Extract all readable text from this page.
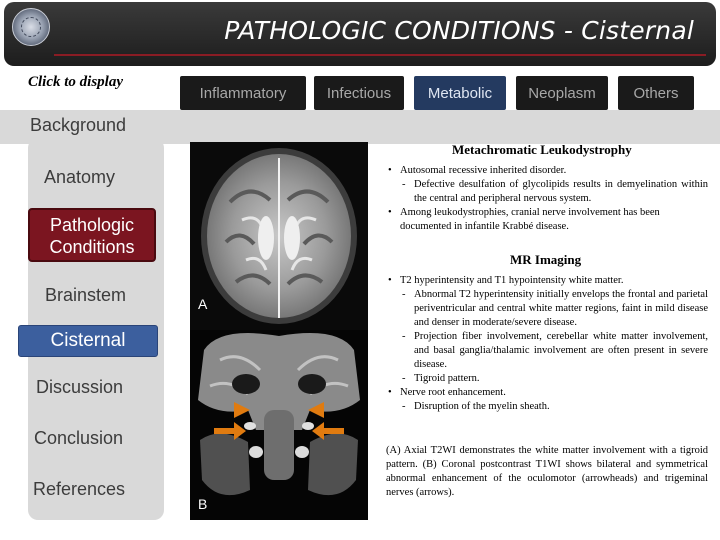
PATHOLOGIC CONDITIONS - Cisternal
Click to display
Inflammatory	Infectious	Metabolic	Neoplasm	Others
Background
Anatomy
Pathologic Conditions
Brainstem
Cisternal
Discussion
Conclusion
References
A
B
Metachromatic Leukodystrophy
• Autosomal recessive inherited disorder.
- Defective desulfation of glycolipids results in demyelination within the central and peripheral nervous system.
• Among leukodystrophies, cranial nerve involvement has been documented in infantile Krabbé disease.
MR Imaging
• T2 hyperintensity and T1 hypointensity white matter.
- Abnormal T2 hyperintensity initially envelops the frontal and parietal periventricular and central white matter regions, faint in mild disease and denser in moderate/severe disease.
- Projection fiber involvement, cerebellar white matter involvement, and basal ganglia/thalamic involvement are often present in severe disease.
- Tigroid pattern.
• Nerve root enhancement.
- Disruption of the myelin sheath.
(A) Axial T2WI demonstrates the white matter involvement with a tigroid pattern. (B) Coronal postcontrast T1WI shows bilateral and symmetrical abnormal enhancement of the oculomotor (arrowheads) and trigeminal nerves (arrows).
